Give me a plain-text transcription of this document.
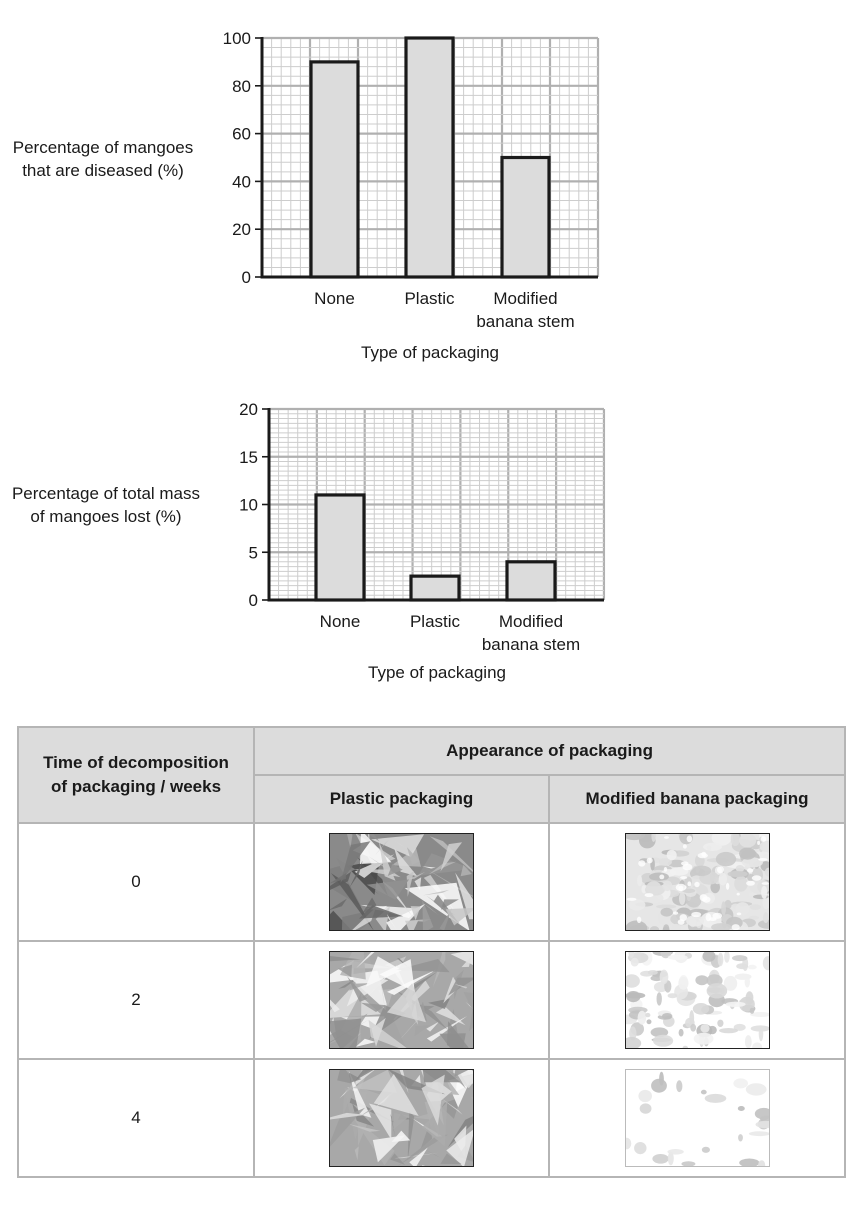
Percentage of mangoes
that are diseased (%)
0
20
40
60
80
100
None	Plastic Modified
banana stem
Type of packaging
Percentage of total mass
of mangoes lost (%)
0
5
10
15
20
None	Plastic Modified
banana stem
Type of packaging
Time of decomposition
of packaging / weeks	Appearance of packaging	
	Plastic packaging	Modified banana packaging
0	

2	

4	
